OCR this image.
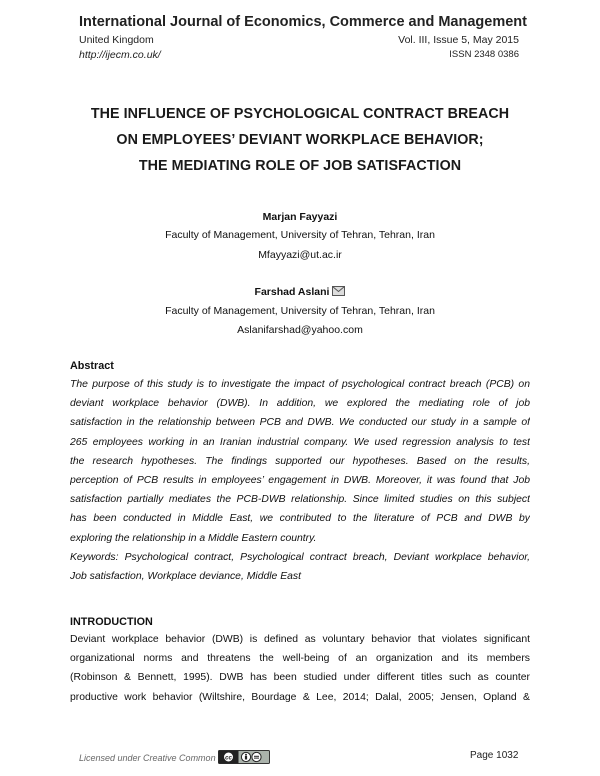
International Journal of Economics, Commerce and Management
United Kingdom	Vol. III, Issue 5, May 2015
http://ijecm.co.uk/	ISSN 2348 0386
THE INFLUENCE OF PSYCHOLOGICAL CONTRACT BREACH
ON EMPLOYEES’ DEVIANT WORKPLACE BEHAVIOR;
THE MEDIATING ROLE OF JOB SATISFACTION
Marjan Fayyazi
Faculty of Management, University of Tehran, Tehran, Iran
Mfayyazi@ut.ac.ir
Farshad Aslani
Faculty of Management, University of Tehran, Tehran, Iran
Aslanifarshad@yahoo.com
Abstract
The purpose of this study is to investigate the impact of psychological contract breach (PCB) on
deviant workplace behavior (DWB). In addition, we explored the mediating role of job
satisfaction in the relationship between PCB and DWB. We conducted our study in a sample of
265 employees working in an Iranian industrial company. We used regression analysis to test
the research hypotheses. The findings supported our hypotheses. Based on the results,
perception of PCB results in employees’ engagement in DWB. Moreover, it was found that Job
satisfaction partially mediates the PCB-DWB relationship. Since limited studies on this subject
has been conducted in Middle East, we contributed to the literature of PCB and DWB by
exploring the relationship in a Middle Eastern country.
Keywords: Psychological contract, Psychological contract breach, Deviant workplace behavior,
Job satisfaction, Workplace deviance, Middle East
INTRODUCTION
Deviant workplace behavior (DWB) is defined as voluntary behavior that violates significant
organizational norms and threatens the well-being of an organization and its members
(Robinson & Bennett, 1995). DWB has been studied under different titles such as counter
productive work behavior (Wiltshire, Bourdage & Lee, 2014; Dalal, 2005; Jensen, Opland &
Licensed under Creative Common cc	Page 1032
